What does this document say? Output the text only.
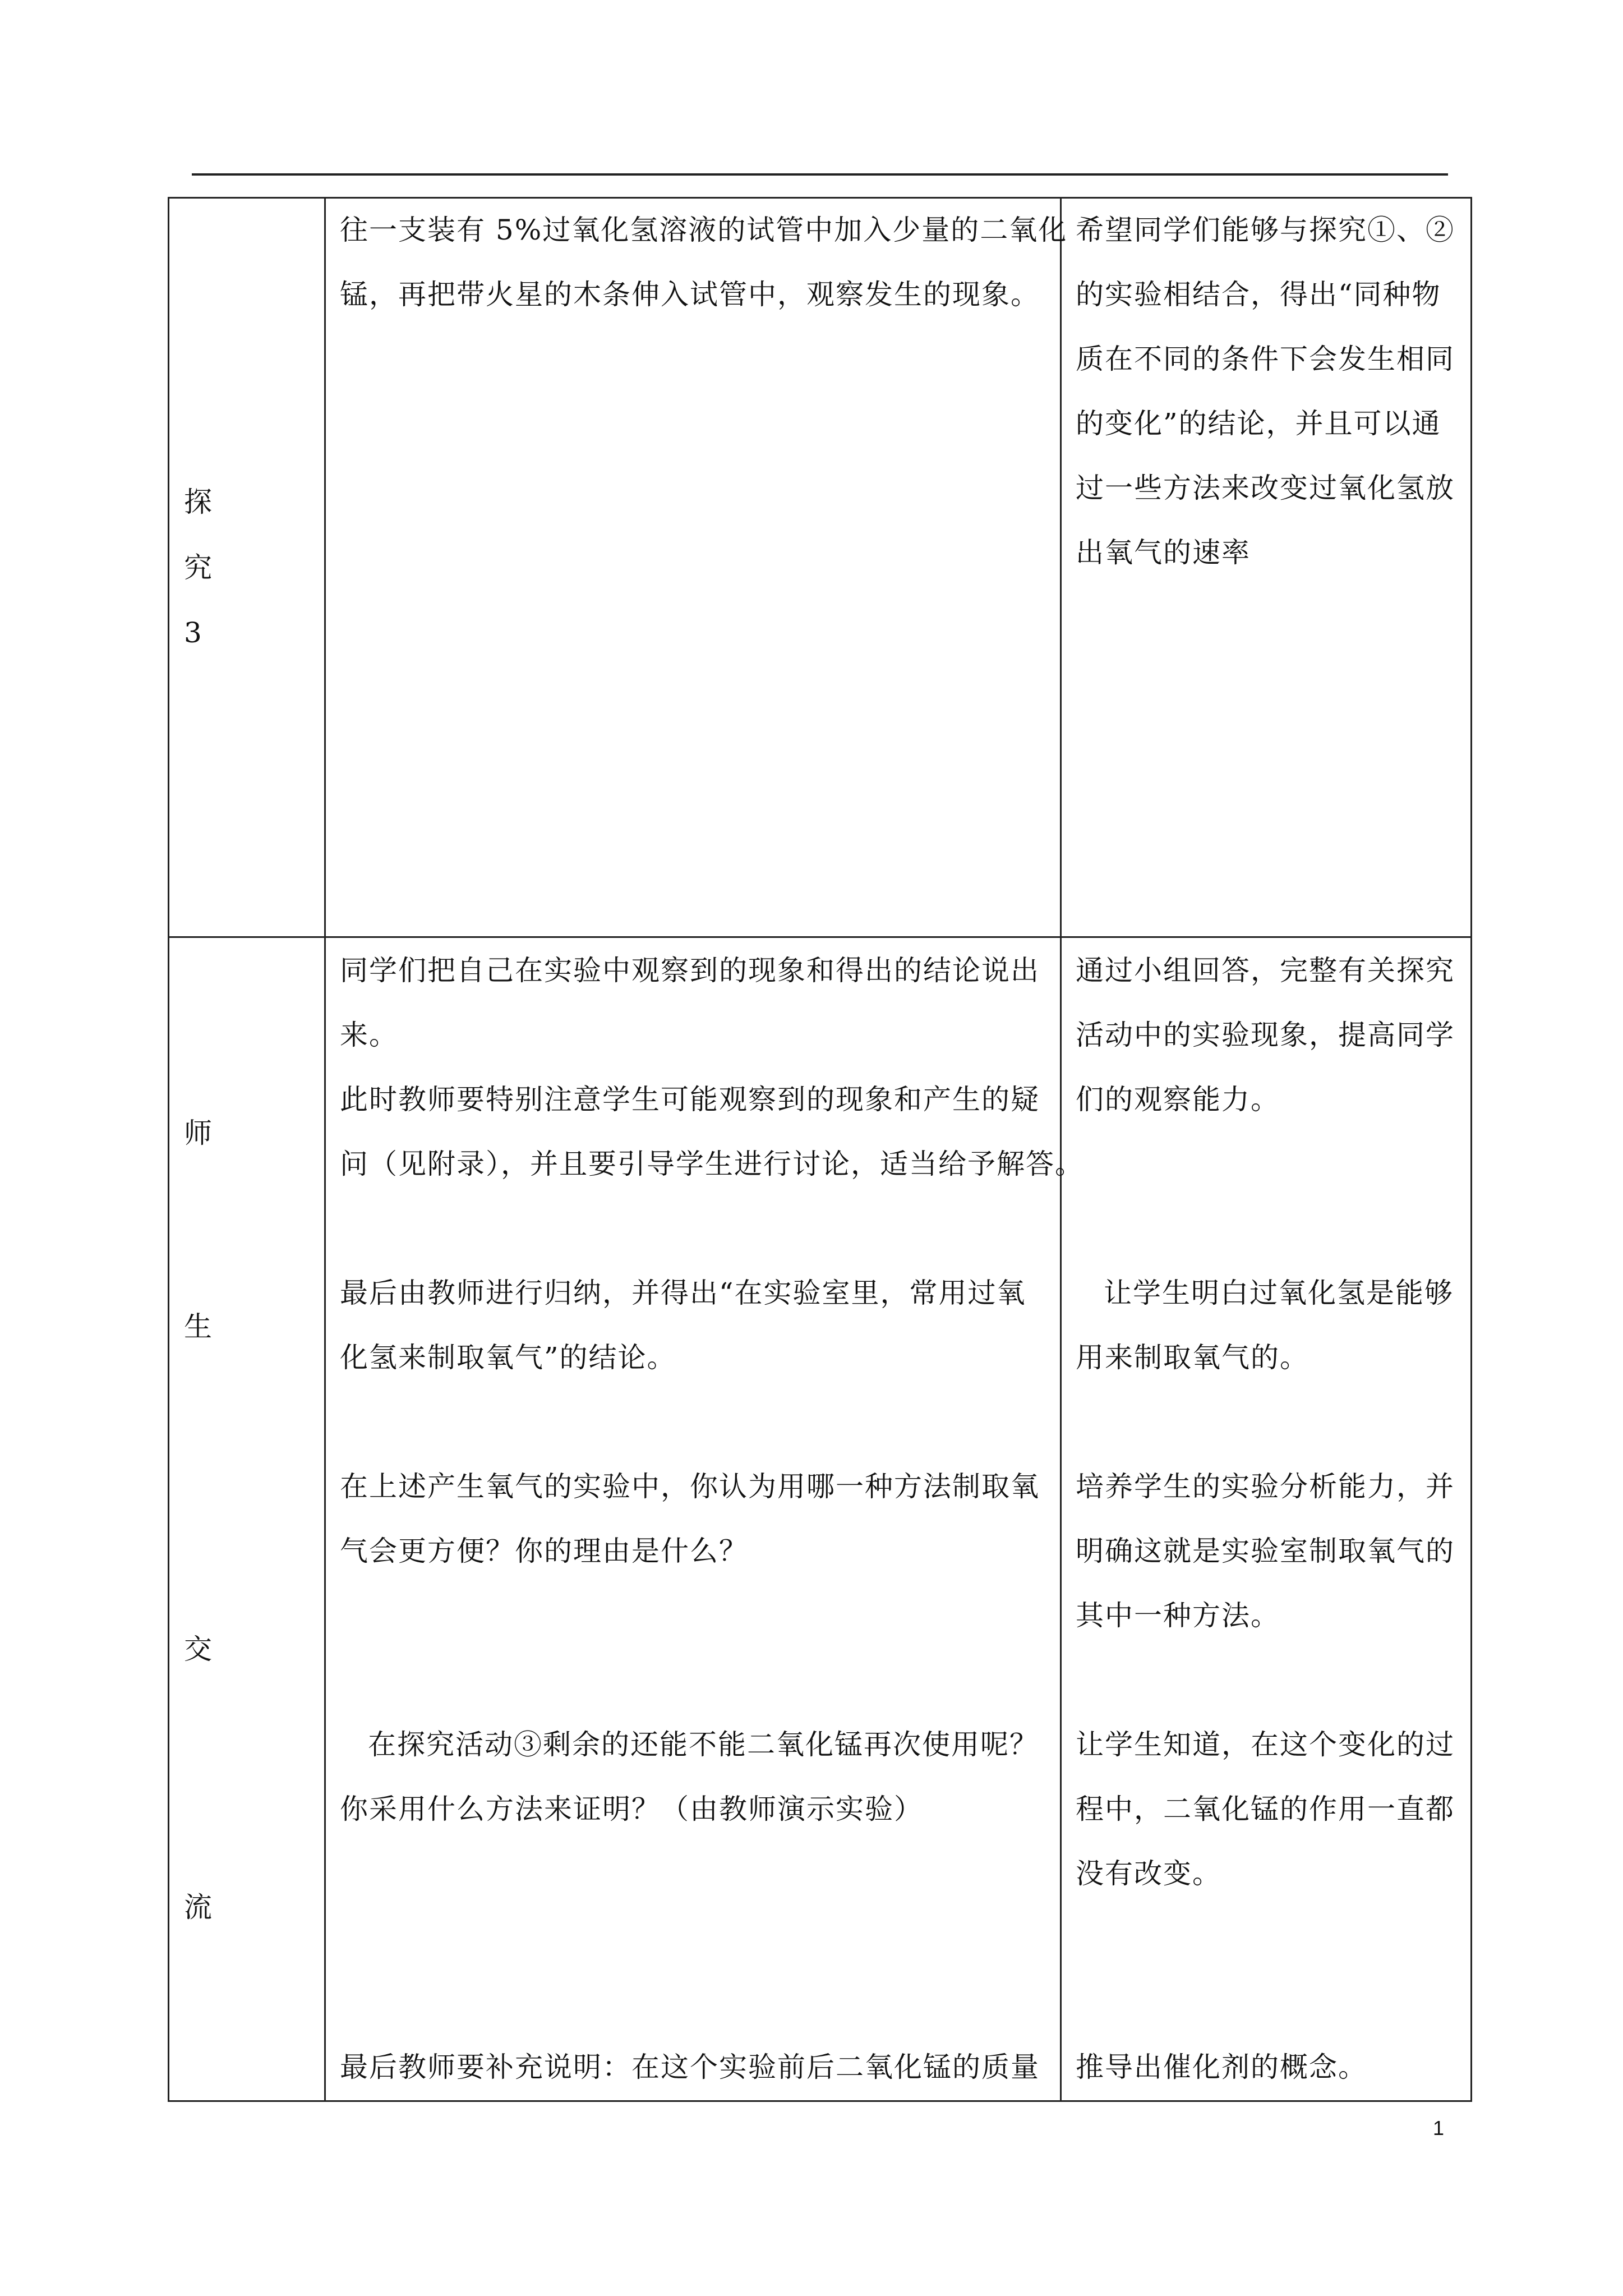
探
究
3
往一支装有 5%过氧化氢溶液的试管中加入少量的二氧化
锰，再把带火星的木条伸入试管中，观察发生的现象。
希望同学们能够与探究①、②
的实验相结合，得出“同种物
质在不同的条件下会发生相同
的变化”的结论，并且可以通
过一些方法来改变过氧化氢放
出氧气的速率
师
生
交
流
同学们把自己在实验中观察到的现象和得出的结论说出
来。
此时教师要特别注意学生可能观察到的现象和产生的疑
问（见附录），并且要引导学生进行讨论，适当给予解答。
最后由教师进行归纳，并得出“在实验室里，常用过氧
化氢来制取氧气”的结论。
在上述产生氧气的实验中，你认为用哪一种方法制取氧
气会更方便？你的理由是什么？
在探究活动③剩余的还能不能二氧化锰再次使用呢？
你采用什么方法来证明？（由教师演示实验）
最后教师要补充说明：在这个实验前后二氧化锰的质量
通过小组回答，完整有关探究
活动中的实验现象，提高同学
们的观察能力。
让学生明白过氧化氢是能够
用来制取氧气的。
培养学生的实验分析能力，并
明确这就是实验室制取氧气的
其中一种方法。
让学生知道，在这个变化的过
程中，二氧化锰的作用一直都
没有改变。
推导出催化剂的概念。
1
